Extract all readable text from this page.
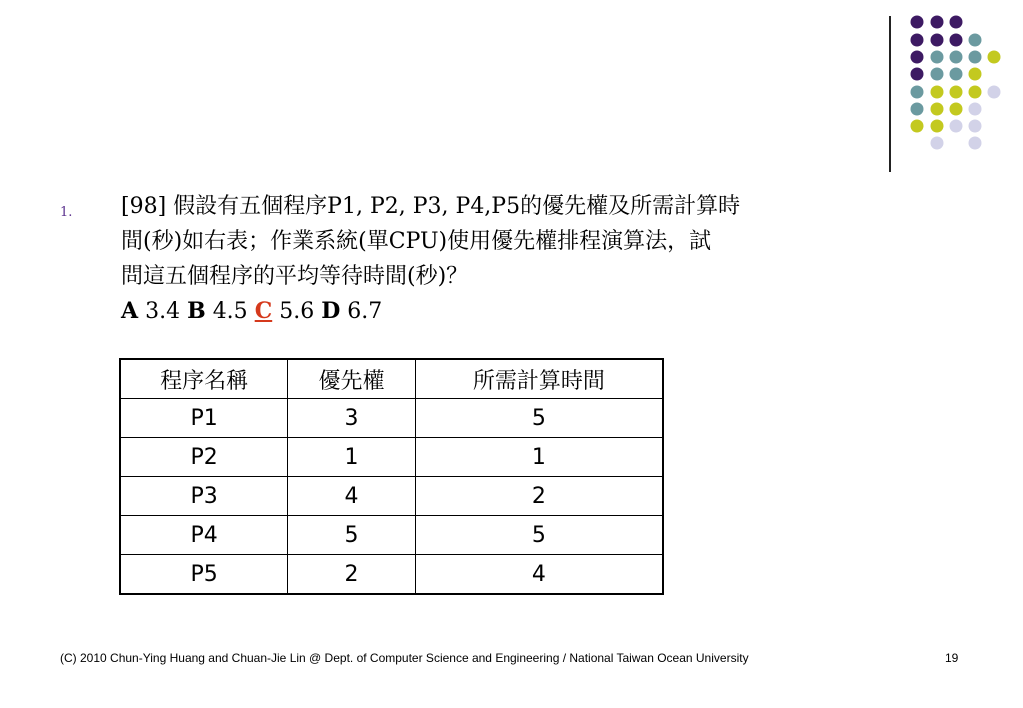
1. [98] 假設有五個程序P1, P2, P3, P4,P5的優先權及所需計算時
間(秒)如右表；作業系統(單CPU)使用優先權排程演算法，試
問這五個程序的平均等待時間(秒)？
A 3.4 B 4.5 C 5.6 D 6.7
程序名稱	優先權	所需計算時間
P1	3	5
P2	1	1
P3	4	2
P4	5	5
P5	2	4
(C) 2010 Chun-Ying Huang and Chuan-Jie Lin @ Dept. of Computer Science and Engineering / National Taiwan Ocean University	19
